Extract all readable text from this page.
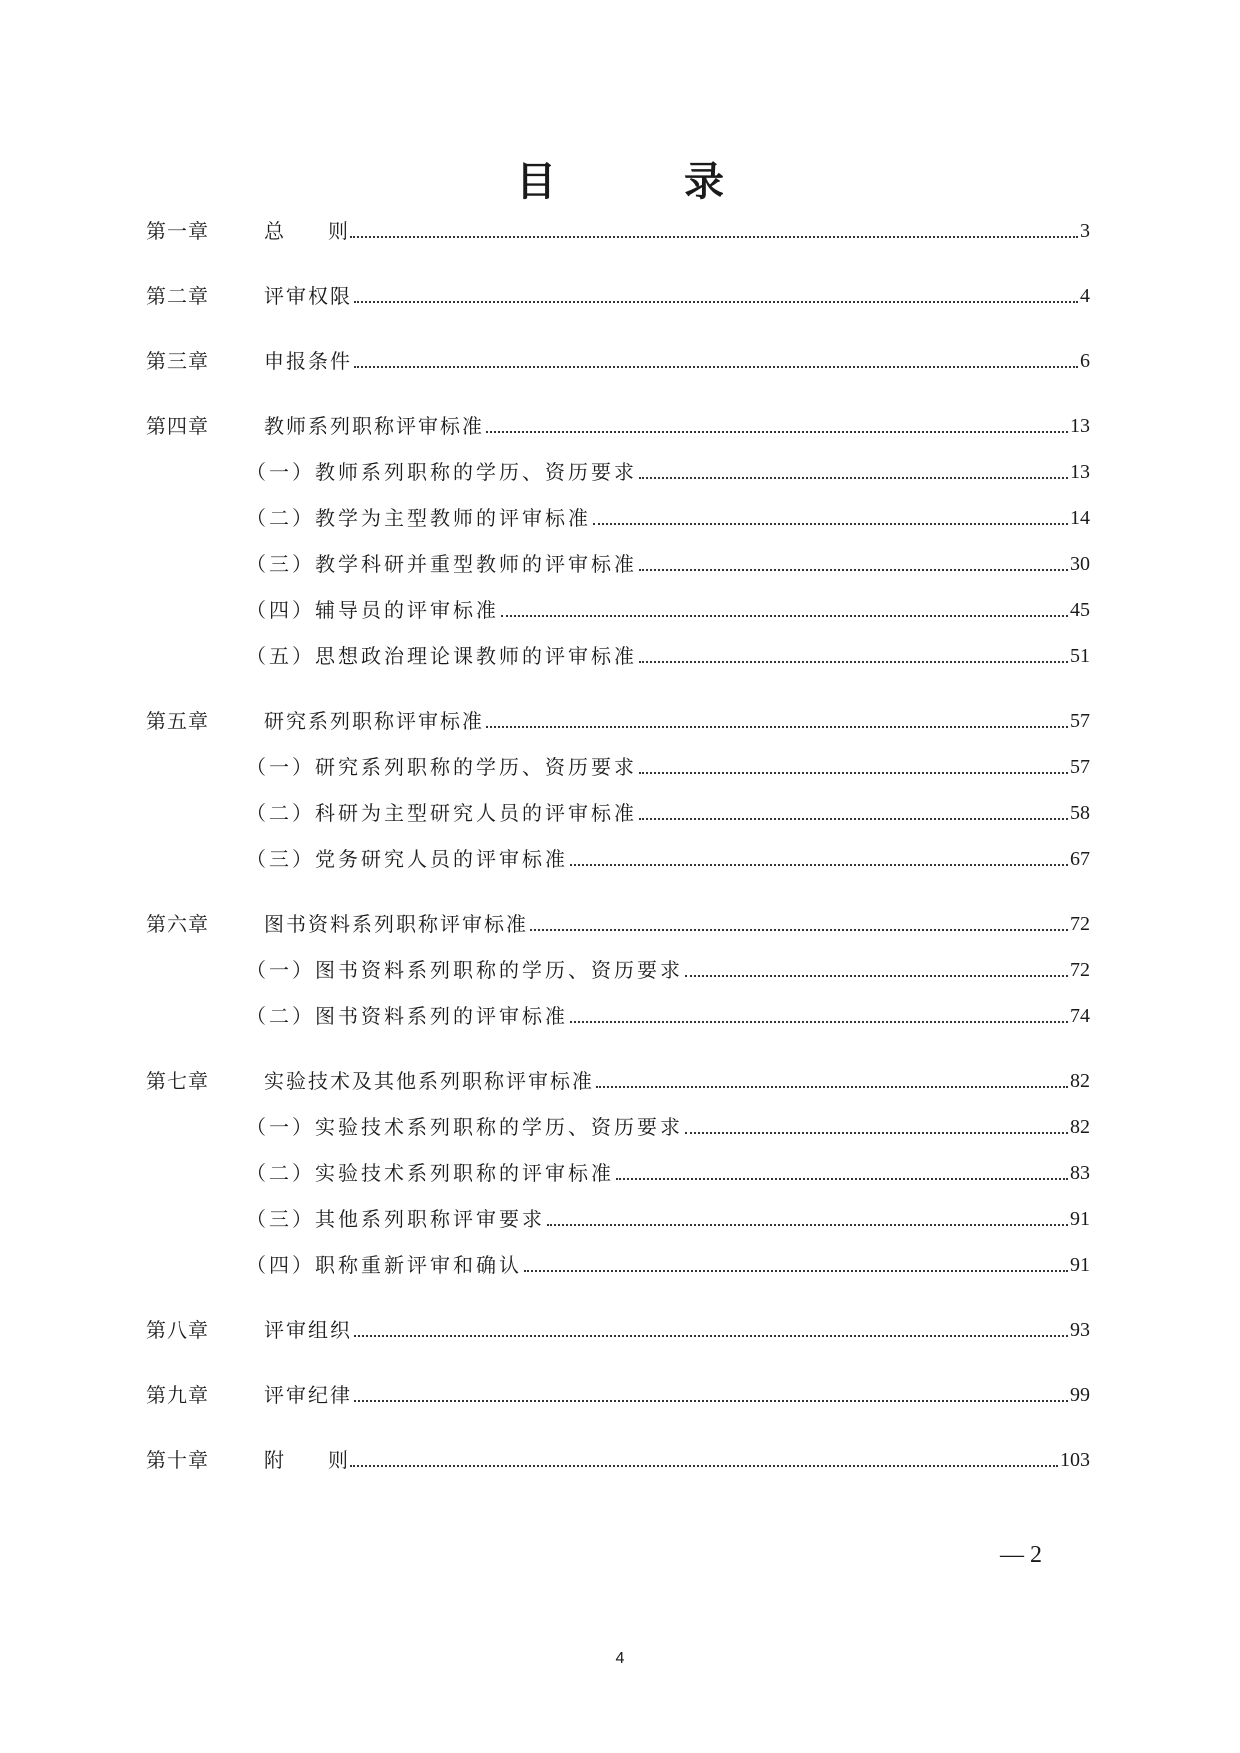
目　录
第一章	总则	3
第二章	评审权限	4
第三章	申报条件	6
第四章	教师系列职称评审标准	13
（一）教师系列职称的学历、资历要求	13
（二）教学为主型教师的评审标准	14
（三）教学科研并重型教师的评审标准	30
（四）辅导员的评审标准	45
（五）思想政治理论课教师的评审标准	51
第五章	研究系列职称评审标准	57
（一）研究系列职称的学历、资历要求	57
（二）科研为主型研究人员的评审标准	58
（三）党务研究人员的评审标准	67
第六章	图书资料系列职称评审标准	72
（一）图书资料系列职称的学历、资历要求	72
（二）图书资料系列的评审标准	74
第七章	实验技术及其他系列职称评审标准	82
（一）实验技术系列职称的学历、资历要求	82
（二）实验技术系列职称的评审标准	83
（三）其他系列职称评审要求	91
（四）职称重新评审和确认	91
第八章	评审组织	93
第九章	评审纪律	99
第十章	附则	103
— 2
4
